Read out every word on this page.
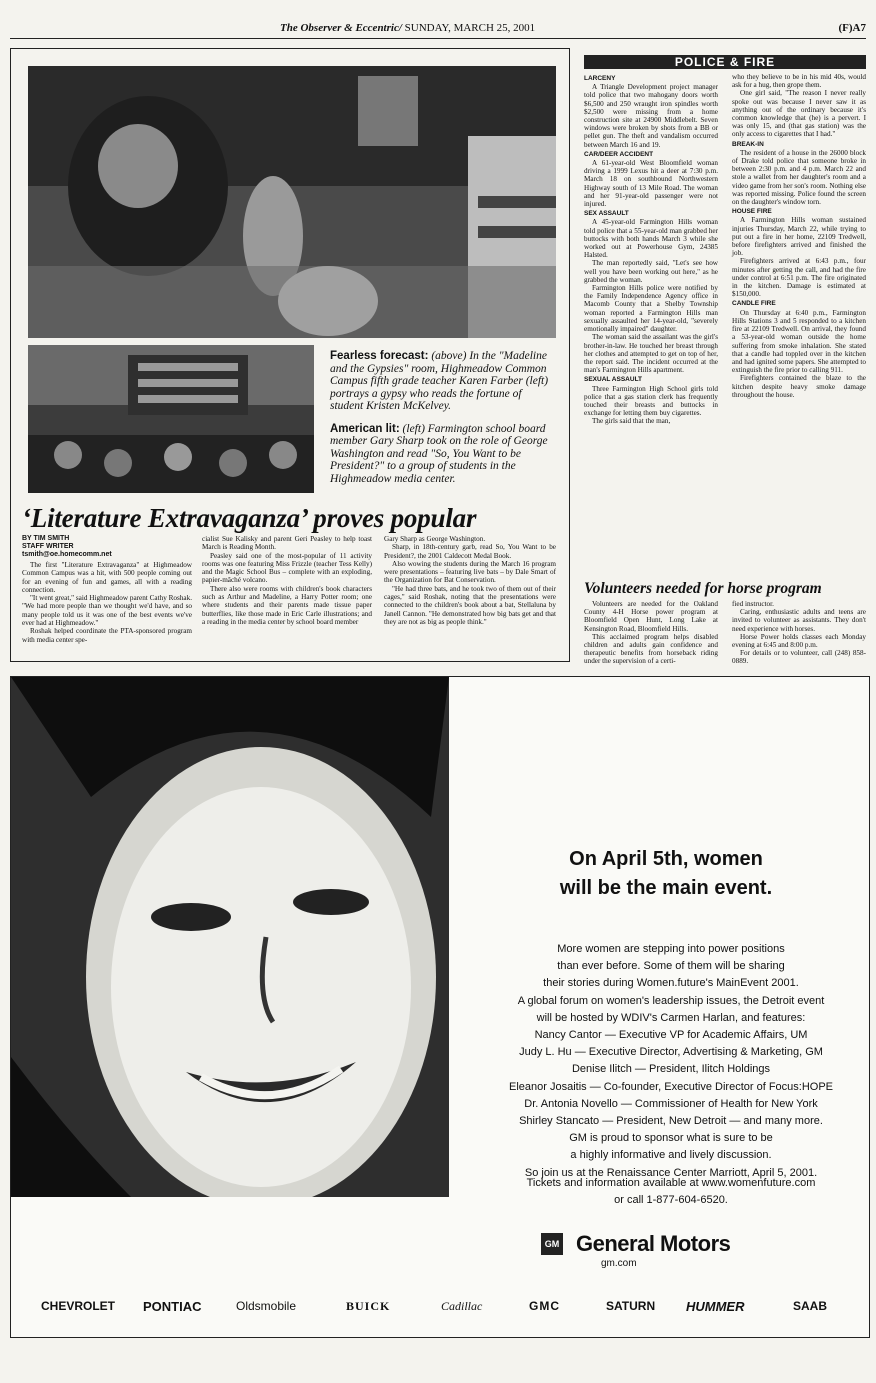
The Observer & Eccentric/ SUNDAY, MARCH 25, 2001	(F)A7

Fearless forecast: (above) In the "Madeline and the Gypsies" room, Highmeadow Common Campus fifth grade teacher Karen Farber (left) portrays a gypsy who reads the fortune of student Kristen McKelvey.

American lit: (left) Farmington school board member Gary Sharp took on the role of George Washington and read "So, You Want to be President?" to a group of students in the Highmeadow media center.

‘Literature Extravaganza’ proves popular
BY TIM SMITH
STAFF WRITER
tsmith@oe.homecomm.net

The first "Literature Extravaganza" at Highmeadow Common Campus was a hit, with 500 people coming out for an evening of fun and games, all with a reading connection.

"It went great," said Highmeadow parent Cathy Roshak. "We had more people than we thought we'd have, and so many people told us it was one of the best events we've ever had at Highmeadow."

Roshak helped coordinate the PTA-sponsored program with media center spe-

cialist Sue Kalisky and parent Geri Peasley to help toast March is Reading Month.

Peasley said one of the most-popular of 11 activity rooms was one featuring Miss Frizzle (teacher Tess Kelly) and the Magic School Bus – complete with an exploding, papier-mâché volcano.

There also were rooms with children's book characters such as Arthur and Madeline, a Harry Potter room; one where students and their parents made tissue paper butterflies, like those made in Eric Carle illustrations; and a reading in the media center by school board member

Gary Sharp as George Washington.

Sharp, in 18th-century garb, read So, You Want to be President?, the 2001 Caldecott Medal Book.

Also wowing the students during the March 16 program were presentations – featuring live bats – by Dale Smart of the Organization for Bat Conservation.

"He had three bats, and he took two of them out of their cages," said Roshak, noting that the presentations were connected to the children's book about a bat, Stellaluna by Janell Cannon. "He demonstrated how big bats get and that they are not as big as people think."

POLICE & FIRE
LARCENY

A Triangle Development project manager told police that two mahogany doors worth $6,500 and 250 wraught iron spindles worth $2,500 were missing from a home construction site at 24900 Middlebelt. Seven windows were broken by shots from a BB or pellet gun. The theft and vandalism occurred between March 16 and 19.

CAR/DEER ACCIDENT

A 61-year-old West Bloomfield woman driving a 1999 Lexus hit a deer at 7:30 p.m. March 18 on southbound Northwestern Highway south of 13 Mile Road. The woman and her 91-year-old passenger were not injured.

SEX ASSAULT

A 45-year-old Farmington Hills woman told police that a 55-year-old man grabbed her buttocks with both hands March 3 while she worked out at Powerhouse Gym, 24385 Halsted.

The man reportedly said, "Let's see how well you have been working out here," as he grabbed the woman.

Farmington Hills police were notified by the Family Independence Agency office in Macomb County that a Shelby Township woman reported a Farmington Hills man sexually assaulted her 14-year-old, "severely emotionally impaired" daughter.

The woman said the assailant was the girl's brother-in-law. He touched her breast through her clothes and attempted to get on top of her, the report said. The incident occurred at the man's Farmington Hills apartment.

SEXUAL ASSAULT

Three Farmington High School girls told police that a gas station clerk has frequently touched their breasts and buttocks in exchange for letting them buy cigarettes.

The girls said that the man,

who they believe to be in his mid 40s, would ask for a hug, then grope them.

One girl said, "The reason I never really spoke out was because I never saw it as anything out of the ordinary because it's common knowledge that (he) is a pervert. I was only 15, and (that gas station) was the only access to cigarettes that I had."

BREAK-IN

The resident of a house in the 26000 block of Drake told police that someone broke in between 2:30 p.m. and 4 p.m. March 22 and stole a wallet from her daughter's room and a video game from her son's room. Nothing else was reported missing. Police found the screen on the daughter's window torn.

HOUSE FIRE

A Farmington Hills woman sustained injuries Thursday, March 22, while trying to put out a fire in her home, 22109 Tredwell, before firefighters arrived and finished the job.

Firefighters arrived at 6:43 p.m., four minutes after getting the call, and had the fire under control at 6:51 p.m. The fire originated in the kitchen. Damage is estimated at $150,000.

CANDLE FIRE

On Thursday at 6:40 p.m., Farmington Hills Stations 3 and 5 responded to a kitchen fire at 22109 Tredwell. On arrival, they found a 53-year-old woman outside the home suffering from smoke inhalation. She stated that a candle had toppled over in the kitchen and had ignited some papers. She attempted to extinguish the fire prior to calling 911.

Firefighters contained the blaze to the kitchen despite heavy smoke damage throughout the house.

Volunteers needed for horse program

Volunteers are needed for the Oakland County 4-H Horse power program at Bloomfield Open Hunt, Long Lake at Kensington Road, Bloomfield Hills.

This acclaimed program helps disabled children and adults gain confidence and therapeutic benefits from horseback riding under the supervision of a certi-

fied instructor.

Caring, enthusiastic adults and teens are invited to volunteer as assistants. They don't need experience with horses.

Horse Power holds classes each Monday evening at 6:45 and 8:00 p.m.

For details or to volunteer, call (248) 858-0889.

On April 5th, women
will be the main event.
More women are stepping into power positions
than ever before. Some of them will be sharing
their stories during Women.future's MainEvent 2001.
A global forum on women's leadership issues, the Detroit event
will be hosted by WDIV's Carmen Harlan, and features:
Nancy Cantor — Executive VP for Academic Affairs, UM
Judy L. Hu — Executive Director, Advertising & Marketing, GM
Denise Ilitch — President, Ilitch Holdings
Eleanor Josaitis — Co-founder, Executive Director of Focus:HOPE
Dr. Antonia Novello — Commissioner of Health for New York
Shirley Stancato — President, New Detroit — and many more.
GM is proud to sponsor what is sure to be
a highly informative and lively discussion.
So join us at the Renaissance Center Marriott, April 5, 2001.
Tickets and information available at www.womenfuture.com
or call 1-877-604-6520.
GM General Motors
gm.com
CHEVROLET PONTIAC	Oldsmobile	BUICK	Cadillac	GMC	SATURN HUMMER	SAAB
